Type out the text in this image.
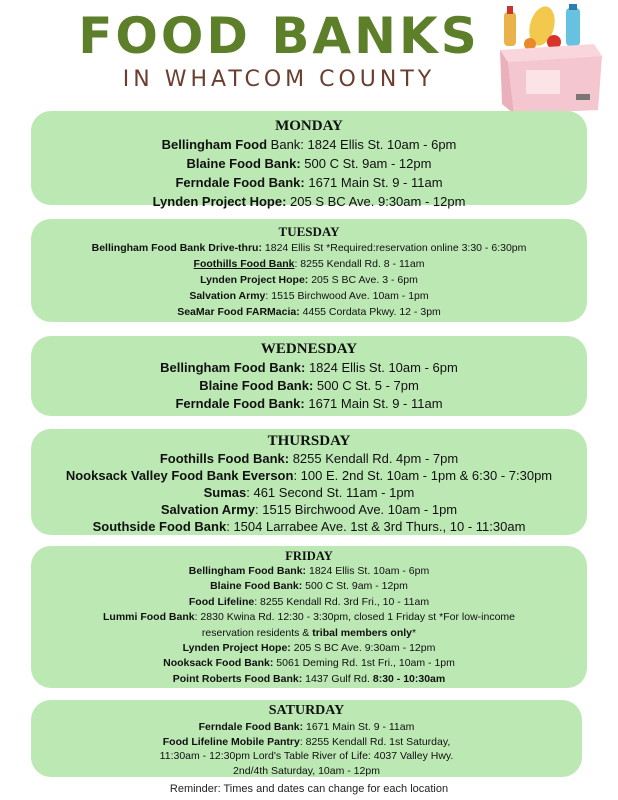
FOOD BANKS
IN WHATCOM COUNTY
MONDAY
Bellingham Food Bank: 1824 Ellis St. 10am - 6pm
Blaine Food Bank: 500 C St. 9am - 12pm
Ferndale Food Bank: 1671 Main St. 9 - 11am
Lynden Project Hope: 205 S BC Ave. 9:30am - 12pm
TUESDAY
Bellingham Food Bank Drive-thru: 1824 Ellis St *Required:reservation online 3:30 - 6:30pm
Foothills Food Bank: 8255 Kendall Rd. 8 - 11am
Lynden Project Hope: 205 S BC Ave. 3 - 6pm
Salvation Army: 1515 Birchwood Ave. 10am - 1pm
SeaMar Food FARMacia: 4455 Cordata Pkwy. 12 - 3pm
WEDNESDAY
Bellingham Food Bank: 1824 Ellis St. 10am - 6pm
Blaine Food Bank: 500 C St. 5 - 7pm
Ferndale Food Bank: 1671 Main St. 9 - 11am
THURSDAY
Foothills Food Bank: 8255 Kendall Rd. 4pm - 7pm
Nooksack Valley Food Bank Everson: 100 E. 2nd St. 10am - 1pm & 6:30 - 7:30pm
Sumas: 461 Second St. 11am - 1pm
Salvation Army: 1515 Birchwood Ave. 10am - 1pm
Southside Food Bank: 1504 Larrabee Ave. 1st & 3rd Thurs., 10 - 11:30am
FRIDAY
Bellingham Food Bank: 1824 Ellis St. 10am - 6pm
Blaine Food Bank: 500 C St. 9am - 12pm
Food Lifeline: 8255 Kendall Rd. 3rd Fri., 10 - 11am
Lummi Food Bank: 2830 Kwina Rd. 12:30 - 3:30pm, closed 1 Friday st *For low-income
reservation residents & tribal members only*
Lynden Project Hope: 205 S BC Ave. 9:30am - 12pm
Nooksack Food Bank: 5061 Deming Rd. 1st Fri., 10am - 1pm
Point Roberts Food Bank: 1437 Gulf Rd. 8:30 - 10:30am
SATURDAY
Ferndale Food Bank: 1671 Main St. 9 - 11am
Food Lifeline Mobile Pantry: 8255 Kendall Rd. 1st Saturday,
11:30am - 12:30pm Lord's Table River of Life: 4037 Valley Hwy.
2nd/4th Saturday, 10am - 12pm
Reminder: Times and dates can change for each location
